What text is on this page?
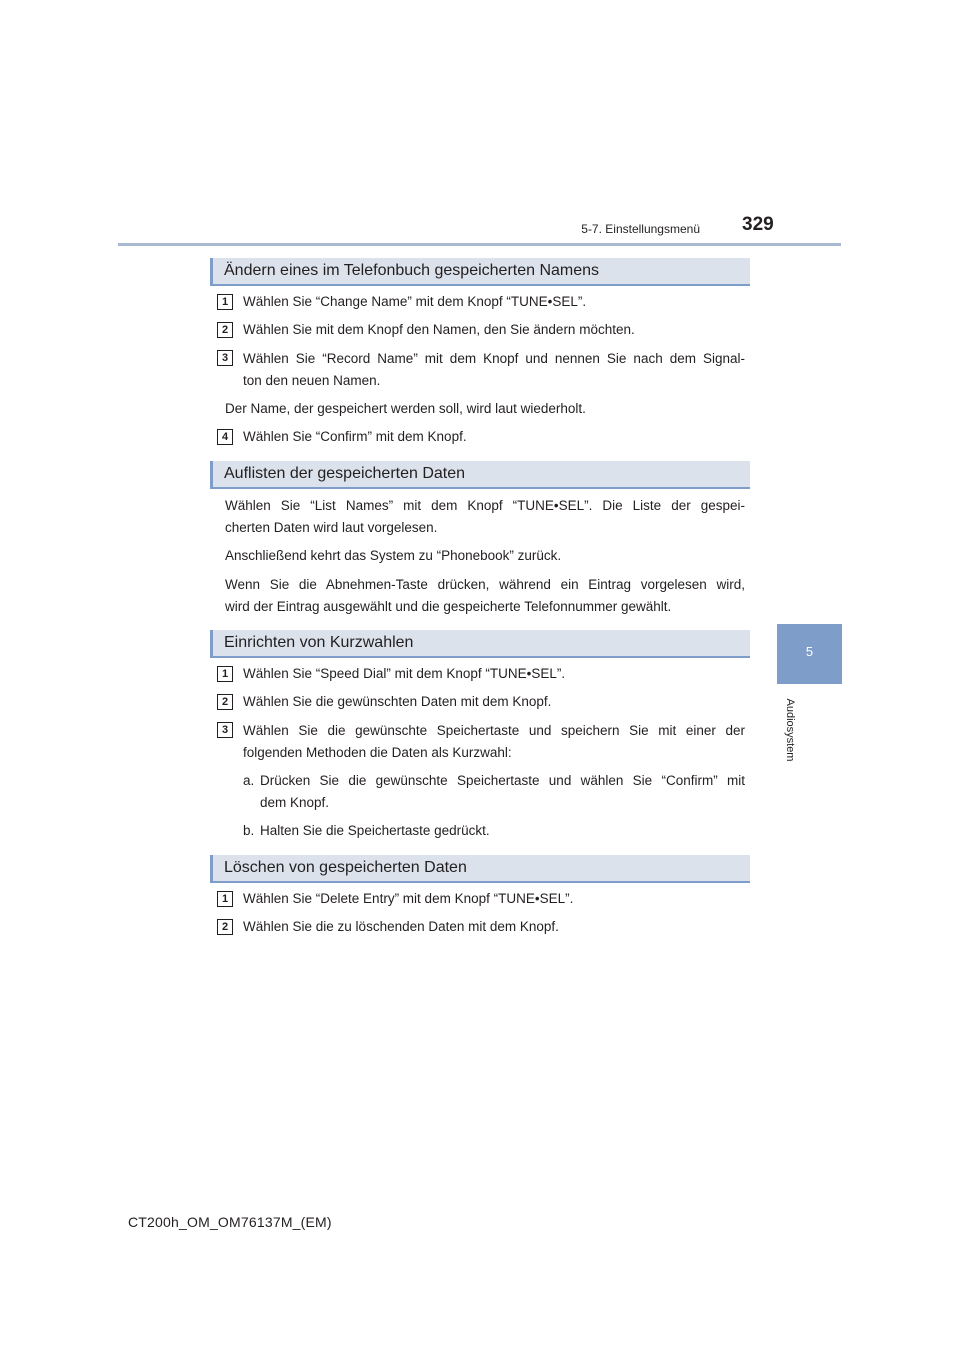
5-7. Einstellungsmenü 329
5
Audiosystem
Ändern eines im Telefonbuch gespeicherten Namens
1	Wählen Sie “Change Name” mit dem Knopf “TUNE•SEL”.
2	Wählen Sie mit dem Knopf den Namen, den Sie ändern möchten.
3	Wählen Sie “Record Name” mit dem Knopf und nennen Sie nach dem Signal-
ton den neuen Namen.
Der Name, der gespeichert werden soll, wird laut wiederholt.
4	Wählen Sie “Confirm” mit dem Knopf.
Auflisten der gespeicherten Daten
Wählen Sie “List Names” mit dem Knopf “TUNE•SEL”. Die Liste der gespei-
cherten Daten wird laut vorgelesen.
Anschließend kehrt das System zu “Phonebook” zurück.
Wenn Sie die Abnehmen-Taste drücken, während ein Eintrag vorgelesen wird,
wird der Eintrag ausgewählt und die gespeicherte Telefonnummer gewählt.
Einrichten von Kurzwahlen
1	Wählen Sie “Speed Dial” mit dem Knopf “TUNE•SEL”.
2	Wählen Sie die gewünschten Daten mit dem Knopf.
3	Wählen Sie die gewünschte Speichertaste und speichern Sie mit einer der
folgenden Methoden die Daten als Kurzwahl:
a. Drücken Sie die gewünschte Speichertaste und wählen Sie “Confirm” mit
dem Knopf.
b. Halten Sie die Speichertaste gedrückt.
Löschen von gespeicherten Daten
1	Wählen Sie “Delete Entry” mit dem Knopf “TUNE•SEL”.
2	Wählen Sie die zu löschenden Daten mit dem Knopf.
CT200h_OM_OM76137M_(EM)
